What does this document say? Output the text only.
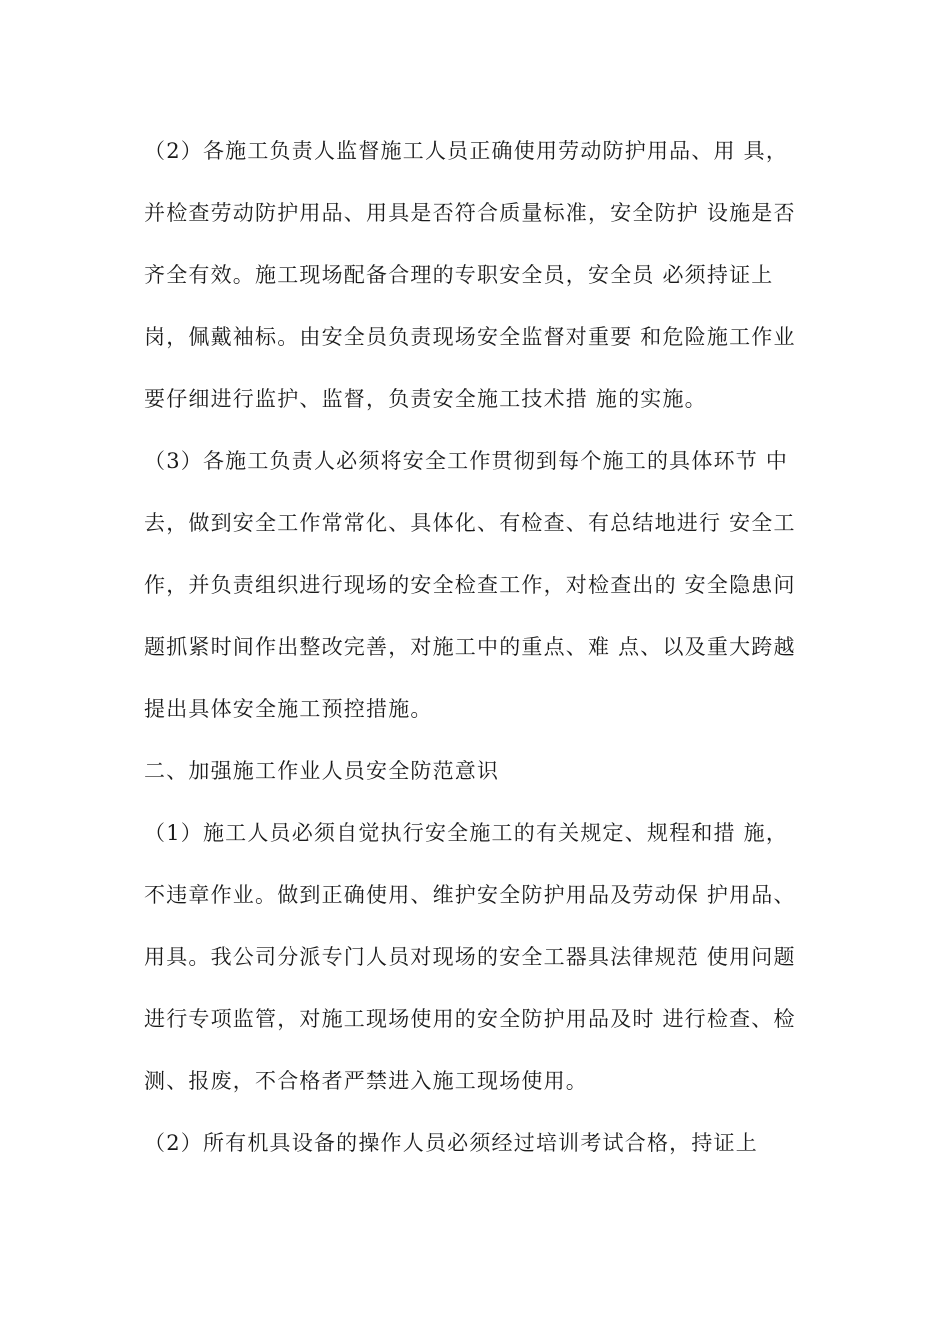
（2）各施工负责人监督施工人员正确使用劳动防护用品、用 具，
并检查劳动防护用品、用具是否符合质量标准，安全防护 设施是否
齐全有效。施工现场配备合理的专职安全员，安全员 必须持证上
岗，佩戴袖标。由安全员负责现场安全监督对重要 和危险施工作业
要仔细进行监护、监督，负责安全施工技术措 施的实施。
（3）各施工负责人必须将安全工作贯彻到每个施工的具体环节 中
去，做到安全工作常常化、具体化、有检查、有总结地进行 安全工
作，并负责组织进行现场的安全检查工作，对检查出的 安全隐患问
题抓紧时间作出整改完善，对施工中的重点、难 点、以及重大跨越
提出具体安全施工预控措施。
二、加强施工作业人员安全防范意识
（1）施工人员必须自觉执行安全施工的有关规定、规程和措 施，
不违章作业。做到正确使用、维护安全防护用品及劳动保 护用品、
用具。我公司分派专门人员对现场的安全工器具法律规范 使用问题
进行专项监管，对施工现场使用的安全防护用品及时 进行检查、检
测、报废，不合格者严禁进入施工现场使用。
（2）所有机具设备的操作人员必须经过培训考试合格，持证上
